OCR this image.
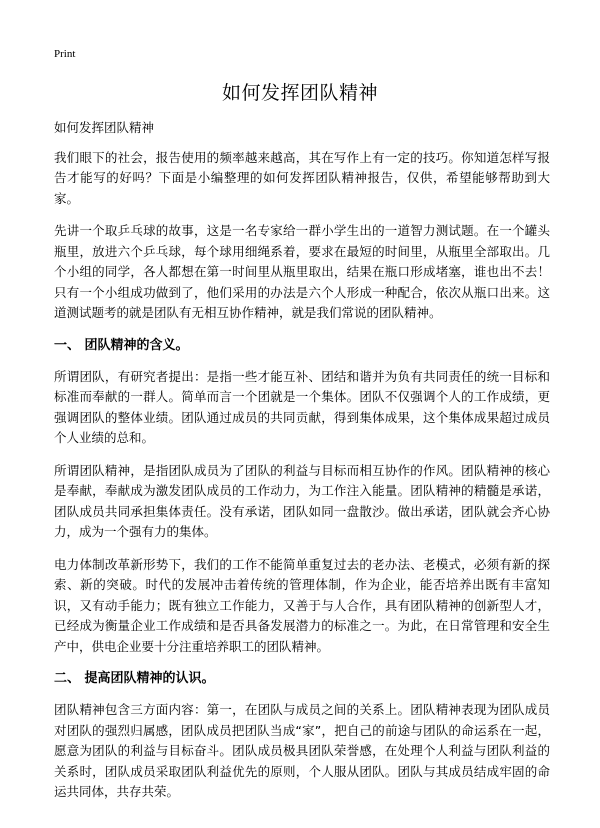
Print
如何发挥团队精神

如何发挥团队精神

我们眼下的社会，报告使用的频率越来越高，其在写作上有一定的技巧。你知道怎样写报告才能写的好吗？下面是小编整理的如何发挥团队精神报告，仅供，希望能够帮助到大家。

先讲一个取乒乓球的故事，这是一名专家给一群小学生出的一道智力测试题。在一个罐头瓶里，放进六个乒乓球，每个球用细绳系着，要求在最短的时间里，从瓶里全部取出。几个小组的同学，各人都想在第一时间里从瓶里取出，结果在瓶口形成堵塞，谁也出不去！只有一个小组成功做到了，他们采用的办法是六个人形成一种配合，依次从瓶口出来。这道测试题考的就是团队有无相互协作精神，就是我们常说的团队精神。

一、 团队精神的含义。

所谓团队，有研究者提出：是指一些才能互补、团结和谐并为负有共同责任的统一目标和标准而奉献的一群人。简单而言一个团就是一个集体。团队不仅强调个人的工作成绩，更强调团队的整体业绩。团队通过成员的共同贡献，得到集体成果，这个集体成果超过成员个人业绩的总和。

所谓团队精神，是指团队成员为了团队的利益与目标而相互协作的作风。团队精神的核心是奉献，奉献成为激发团队成员的工作动力，为工作注入能量。团队精神的精髓是承诺，团队成员共同承担集体责任。没有承诺，团队如同一盘散沙。做出承诺，团队就会齐心协力，成为一个强有力的集体。

电力体制改革新形势下，我们的工作不能简单重复过去的老办法、老模式，必须有新的探索、新的突破。时代的发展冲击着传统的管理体制，作为企业，能否培养出既有丰富知识，又有动手能力；既有独立工作能力，又善于与人合作，具有团队精神的创新型人才，已经成为衡量企业工作成绩和是否具备发展潜力的标准之一。为此，在日常管理和安全生产中，供电企业要十分注重培养职工的团队精神。

二、 提高团队精神的认识。

团队精神包含三方面内容：第一，在团队与成员之间的关系上。团队精神表现为团队成员对团队的强烈归属感，团队成员把团队当成“家”，把自己的前途与团队的命运系在一起，愿意为团队的利益与目标奋斗。团队成员极具团队荣誉感，在处理个人利益与团队利益的关系时，团队成员采取团队利益优先的原则，个人服从团队。团队与其成员结成牢固的命运共同体，共存共荣。
